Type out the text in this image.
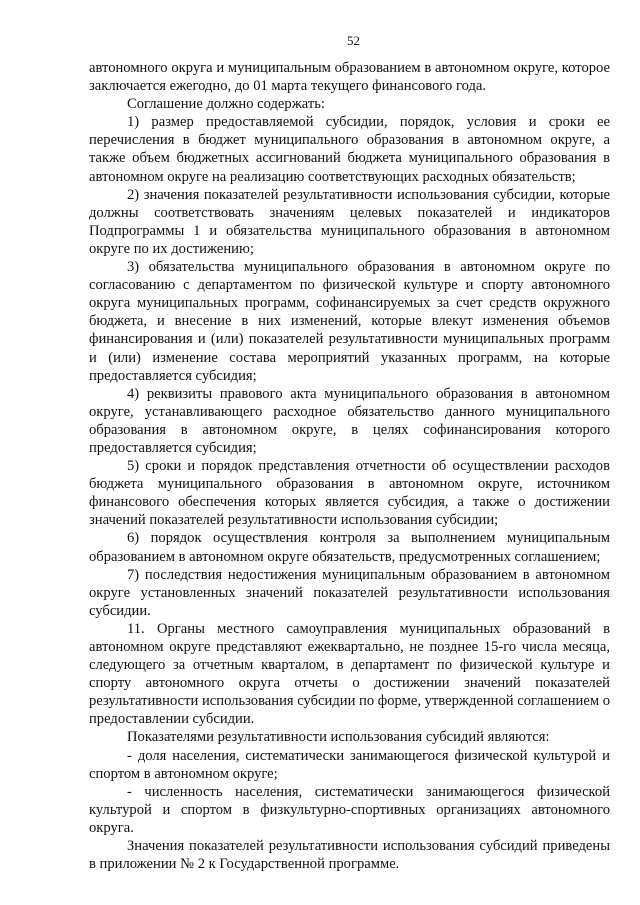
52

автономного округа и муниципальным образованием в автономном округе, которое заключается ежегодно, до 01 марта текущего финансового года.

Соглашение должно содержать:

1) размер предоставляемой субсидии, порядок, условия и сроки ее перечисления в бюджет муниципального образования в автономном округе, а также объем бюджетных ассигнований бюджета муниципального образования в автономном округе на реализацию соответствующих расходных обязательств;

2) значения показателей результативности использования субсидии, которые должны соответствовать значениям целевых показателей и индикаторов Подпрограммы 1 и обязательства муниципального образования в автономном округе по их достижению;

3) обязательства муниципального образования в автономном округе по согласованию с департаментом по физической культуре и спорту автономного округа муниципальных программ, софинансируемых за счет средств окружного бюджета, и внесение в них изменений, которые влекут изменения объемов финансирования и (или) показателей результативности муниципальных программ и (или) изменение состава мероприятий указанных программ, на которые предоставляется субсидия;

4) реквизиты правового акта муниципального образования в автономном округе, устанавливающего расходное обязательство данного муниципального образования в автономном округе, в целях софинансирования которого предоставляется субсидия;

5) сроки и порядок представления отчетности об осуществлении расходов бюджета муниципального образования в автономном округе, источником финансового обеспечения которых является субсидия, а также о достижении значений показателей результативности использования субсидии;

6) порядок осуществления контроля за выполнением муниципальным образованием в автономном округе обязательств, предусмотренных соглашением;

7) последствия недостижения муниципальным образованием в автономном округе установленных значений показателей результативности использования субсидии.

11. Органы местного самоуправления муниципальных образований в автономном округе представляют ежеквартально, не позднее 15-го числа месяца, следующего за отчетным кварталом, в департамент по физической культуре и спорту автономного округа отчеты о достижении значений показателей результативности использования субсидии по форме, утвержденной соглашением о предоставлении субсидии.

Показателями результативности использования субсидий являются:

- доля населения, систематически занимающегося физической культурой и спортом в автономном округе;

- численность населения, систематически занимающегося физической культурой и спортом в физкультурно-спортивных организациях автономного округа.

Значения показателей результативности использования субсидий приведены в приложении № 2 к Государственной программе.
